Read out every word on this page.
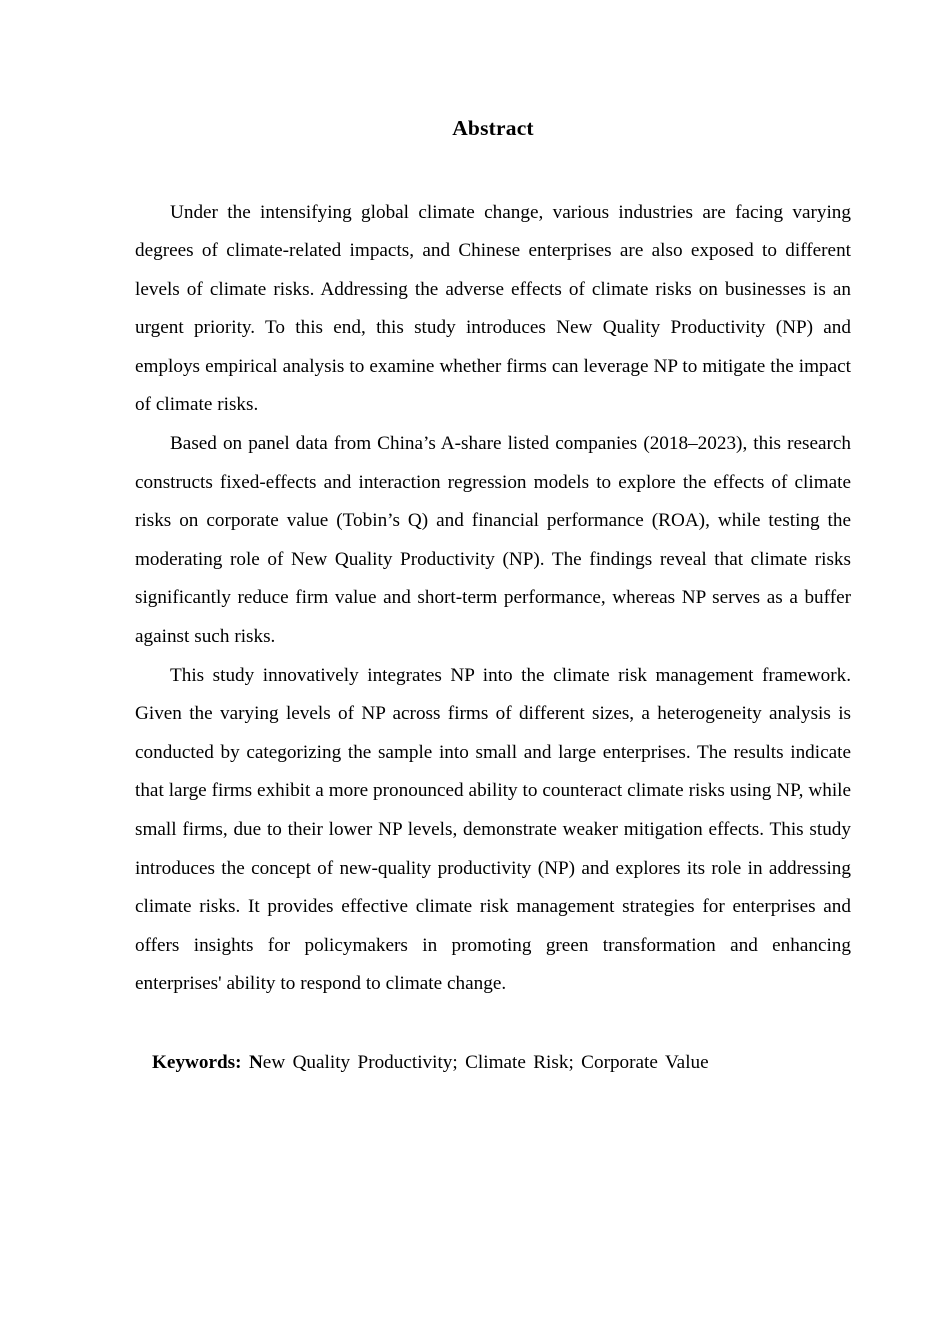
Abstract

Under the intensifying global climate change, various industries are facing varying degrees of climate-related impacts, and Chinese enterprises are also exposed to different levels of climate risks. Addressing the adverse effects of climate risks on businesses is an urgent priority. To this end, this study introduces New Quality Productivity (NP) and employs empirical analysis to examine whether firms can leverage NP to mitigate the impact of climate risks.

Based on panel data from China’s A-share listed companies (2018–2023), this research constructs fixed-effects and interaction regression models to explore the effects of climate risks on corporate value (Tobin’s Q) and financial performance (ROA), while testing the moderating role of New Quality Productivity (NP). The findings reveal that climate risks significantly reduce firm value and short-term performance, whereas NP serves as a buffer against such risks.

This study innovatively integrates NP into the climate risk management framework. Given the varying levels of NP across firms of different sizes, a heterogeneity analysis is conducted by categorizing the sample into small and large enterprises. The results indicate that large firms exhibit a more pronounced ability to counteract climate risks using NP, while small firms, due to their lower NP levels, demonstrate weaker mitigation effects. This study introduces the concept of new-quality productivity (NP) and explores its role in addressing climate risks. It provides effective climate risk management strategies for enterprises and offers insights for policymakers in promoting green transformation and enhancing enterprises' ability to respond to climate change.

Keywords: New Quality Productivity; Climate Risk; Corporate Value
